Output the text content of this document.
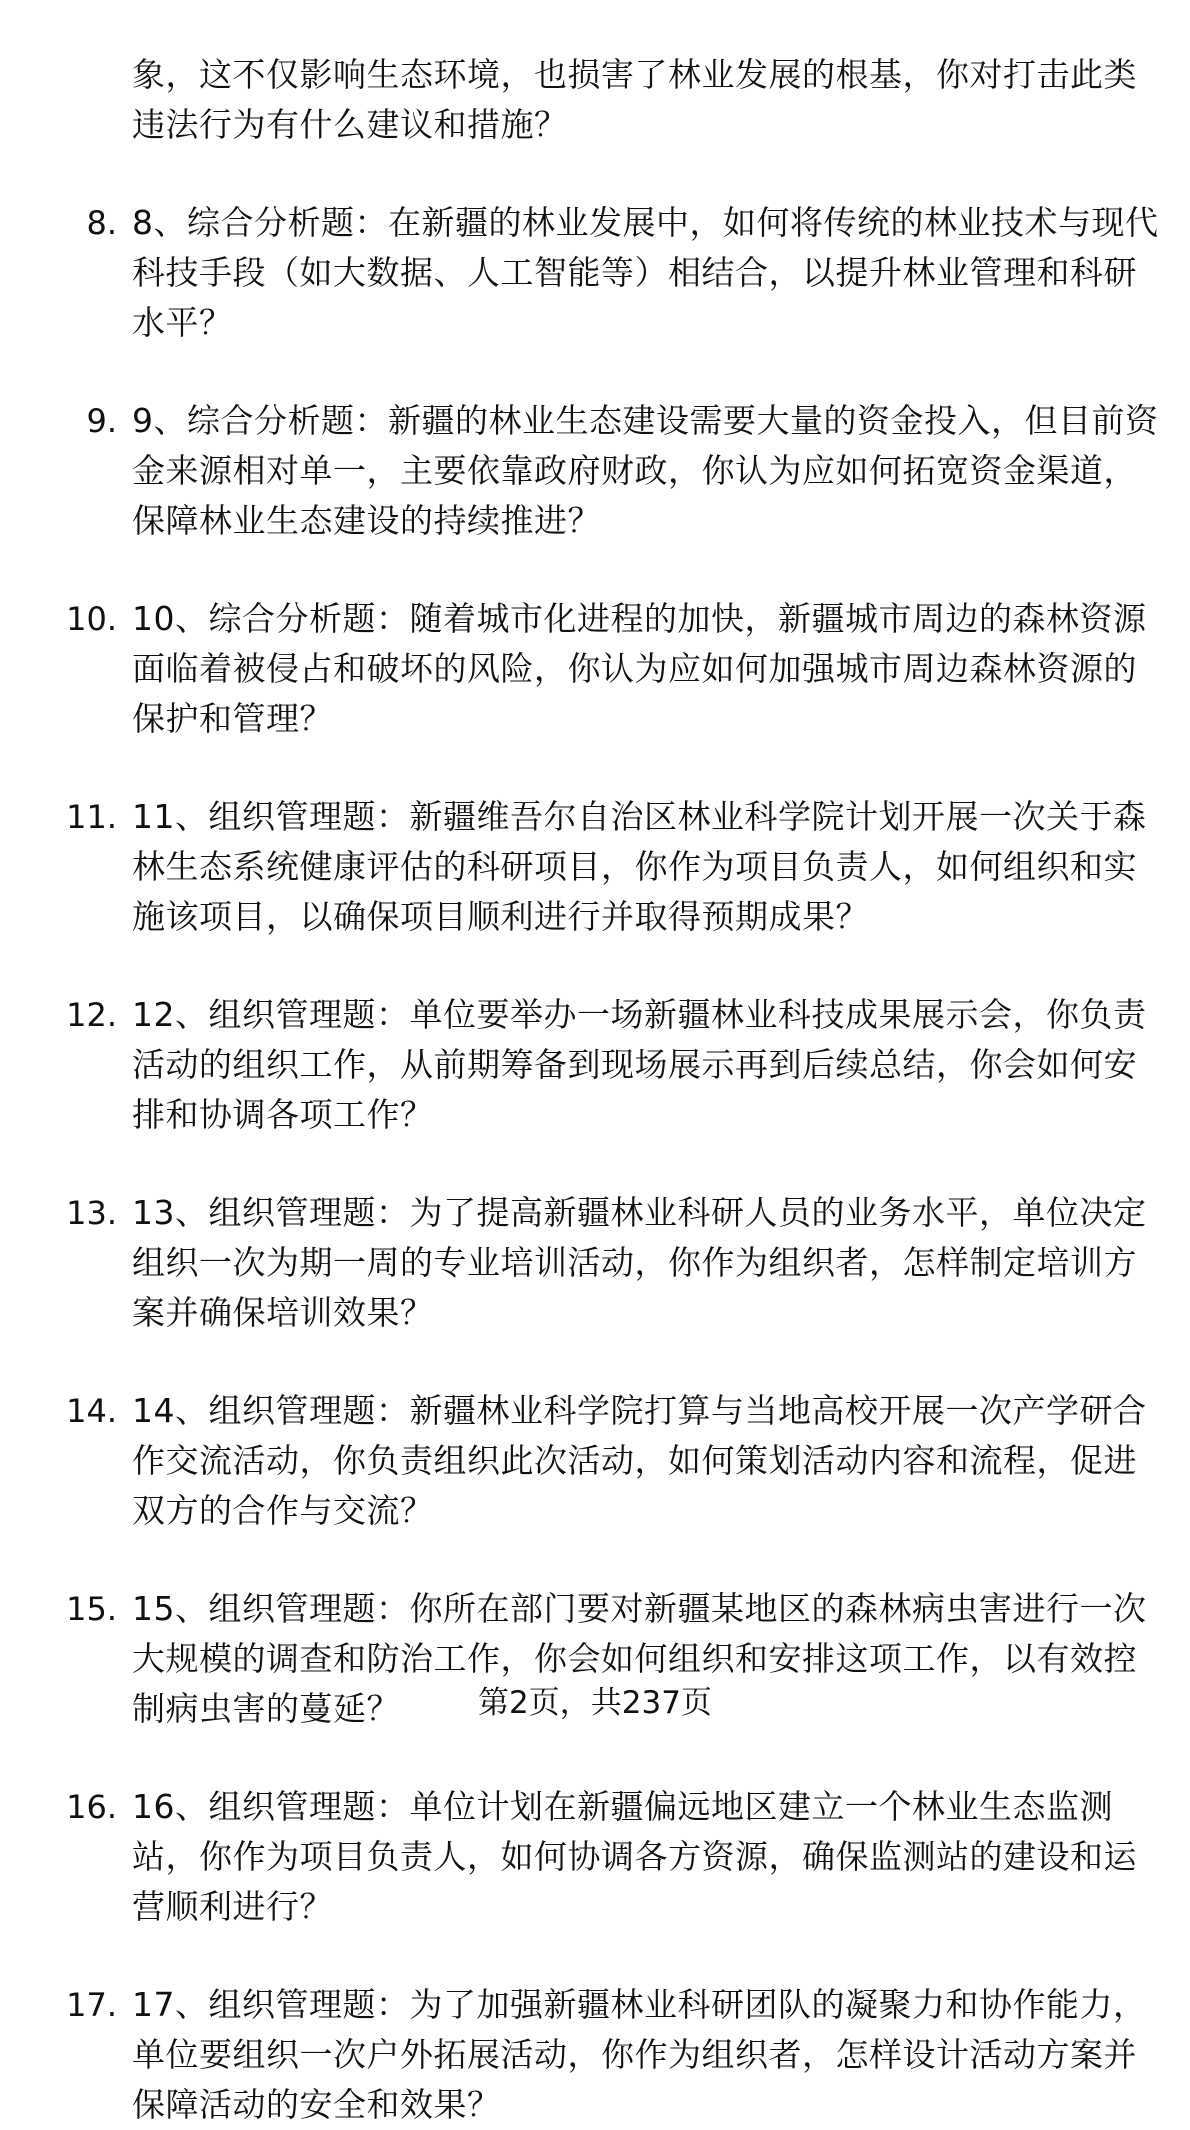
象，这不仅影响生态环境，也损害了林业发展的根基，你对打击此类违法行为有什么建议和措施？
8. 8、综合分析题：在新疆的林业发展中，如何将传统的林业技术与现代科技手段（如大数据、人工智能等）相结合，以提升林业管理和科研水平？
9. 9、综合分析题：新疆的林业生态建设需要大量的资金投入，但目前资金来源相对单一，主要依靠政府财政，你认为应如何拓宽资金渠道，保障林业生态建设的持续推进？
10. 10、综合分析题：随着城市化进程的加快，新疆城市周边的森林资源面临着被侵占和破坏的风险，你认为应如何加强城市周边森林资源的保护和管理？
11. 11、组织管理题：新疆维吾尔自治区林业科学院计划开展一次关于森林生态系统健康评估的科研项目，你作为项目负责人，如何组织和实施该项目，以确保项目顺利进行并取得预期成果？
12. 12、组织管理题：单位要举办一场新疆林业科技成果展示会，你负责活动的组织工作，从前期筹备到现场展示再到后续总结，你会如何安排和协调各项工作？
13. 13、组织管理题：为了提高新疆林业科研人员的业务水平，单位决定组织一次为期一周的专业培训活动，你作为组织者，怎样制定培训方案并确保培训效果？
14. 14、组织管理题：新疆林业科学院打算与当地高校开展一次产学研合作交流活动，你负责组织此次活动，如何策划活动内容和流程，促进双方的合作与交流？
15. 15、组织管理题：你所在部门要对新疆某地区的森林病虫害进行一次大规模的调查和防治工作，你会如何组织和安排这项工作，以有效控制病虫害的蔓延？
16. 16、组织管理题：单位计划在新疆偏远地区建立一个林业生态监测站，你作为项目负责人，如何协调各方资源，确保监测站的建设和运营顺利进行？
17. 17、组织管理题：为了加强新疆林业科研团队的凝聚力和协作能力，单位要组织一次户外拓展活动，你作为组织者，怎样设计活动方案并保障活动的安全和效果？
第2页，共237页
